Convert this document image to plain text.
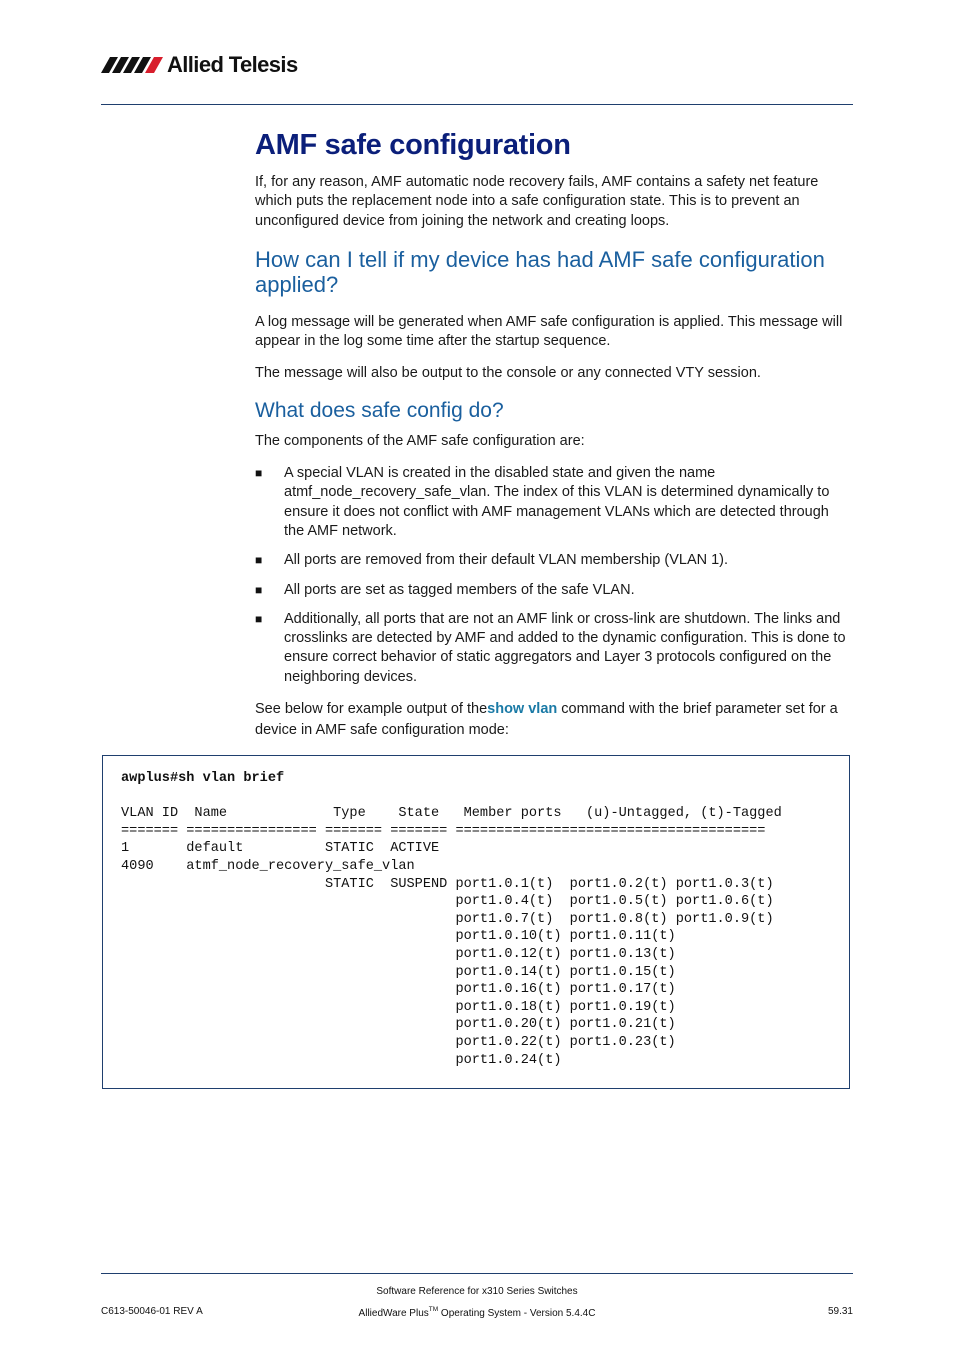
Allied Telesis
AMF safe configuration

If, for any reason, AMF automatic node recovery fails, AMF contains a safety net feature which puts the replacement node into a safe configuration state. This is to prevent an unconfigured device from joining the network and creating loops.

How can I tell if my device has had AMF safe configuration applied?

A log message will be generated when AMF safe configuration is applied. This message will appear in the log some time after the startup sequence.

The message will also be output to the console or any connected VTY session.

What does safe config do?

The components of the AMF safe configuration are:

■ A special VLAN is created in the disabled state and given the name atmf_node_recovery_safe_vlan. The index of this VLAN is determined dynamically to ensure it does not conflict with AMF management VLANs which are detected through the AMF network.
■ All ports are removed from their default VLAN membership (VLAN 1).
■ All ports are set as tagged members of the safe VLAN.
■ Additionally, all ports that are not an AMF link or cross-link are shutdown. The links and crosslinks are detected by AMF and added to the dynamic configuration. This is done to ensure correct behavior of static aggregators and Layer 3 protocols configured on the neighboring devices.

See below for example output of theshow vlan command with the brief parameter set for a device in AMF safe configuration mode:

awplus#sh vlan brief

VLAN ID  Name             Type    State   Member ports   (u)-Untagged, (t)-Tagged
======= ================ ======= ======= ======================================
1       default          STATIC  ACTIVE
4090    atmf_node_recovery_safe_vlan
STATIC  SUSPEND port1.0.1(t)  port1.0.2(t) port1.0.3(t)
port1.0.4(t)  port1.0.5(t) port1.0.6(t)
port1.0.7(t)  port1.0.8(t) port1.0.9(t)
port1.0.10(t) port1.0.11(t)
port1.0.12(t) port1.0.13(t)
port1.0.14(t) port1.0.15(t)
port1.0.16(t) port1.0.17(t)
port1.0.18(t) port1.0.19(t)
port1.0.20(t) port1.0.21(t)
port1.0.22(t) port1.0.23(t)
port1.0.24(t)
Software Reference for x310 Series Switches
AlliedWare Plus™ Operating System - Version 5.4.4C
C613-50046-01 REV A	59.31
